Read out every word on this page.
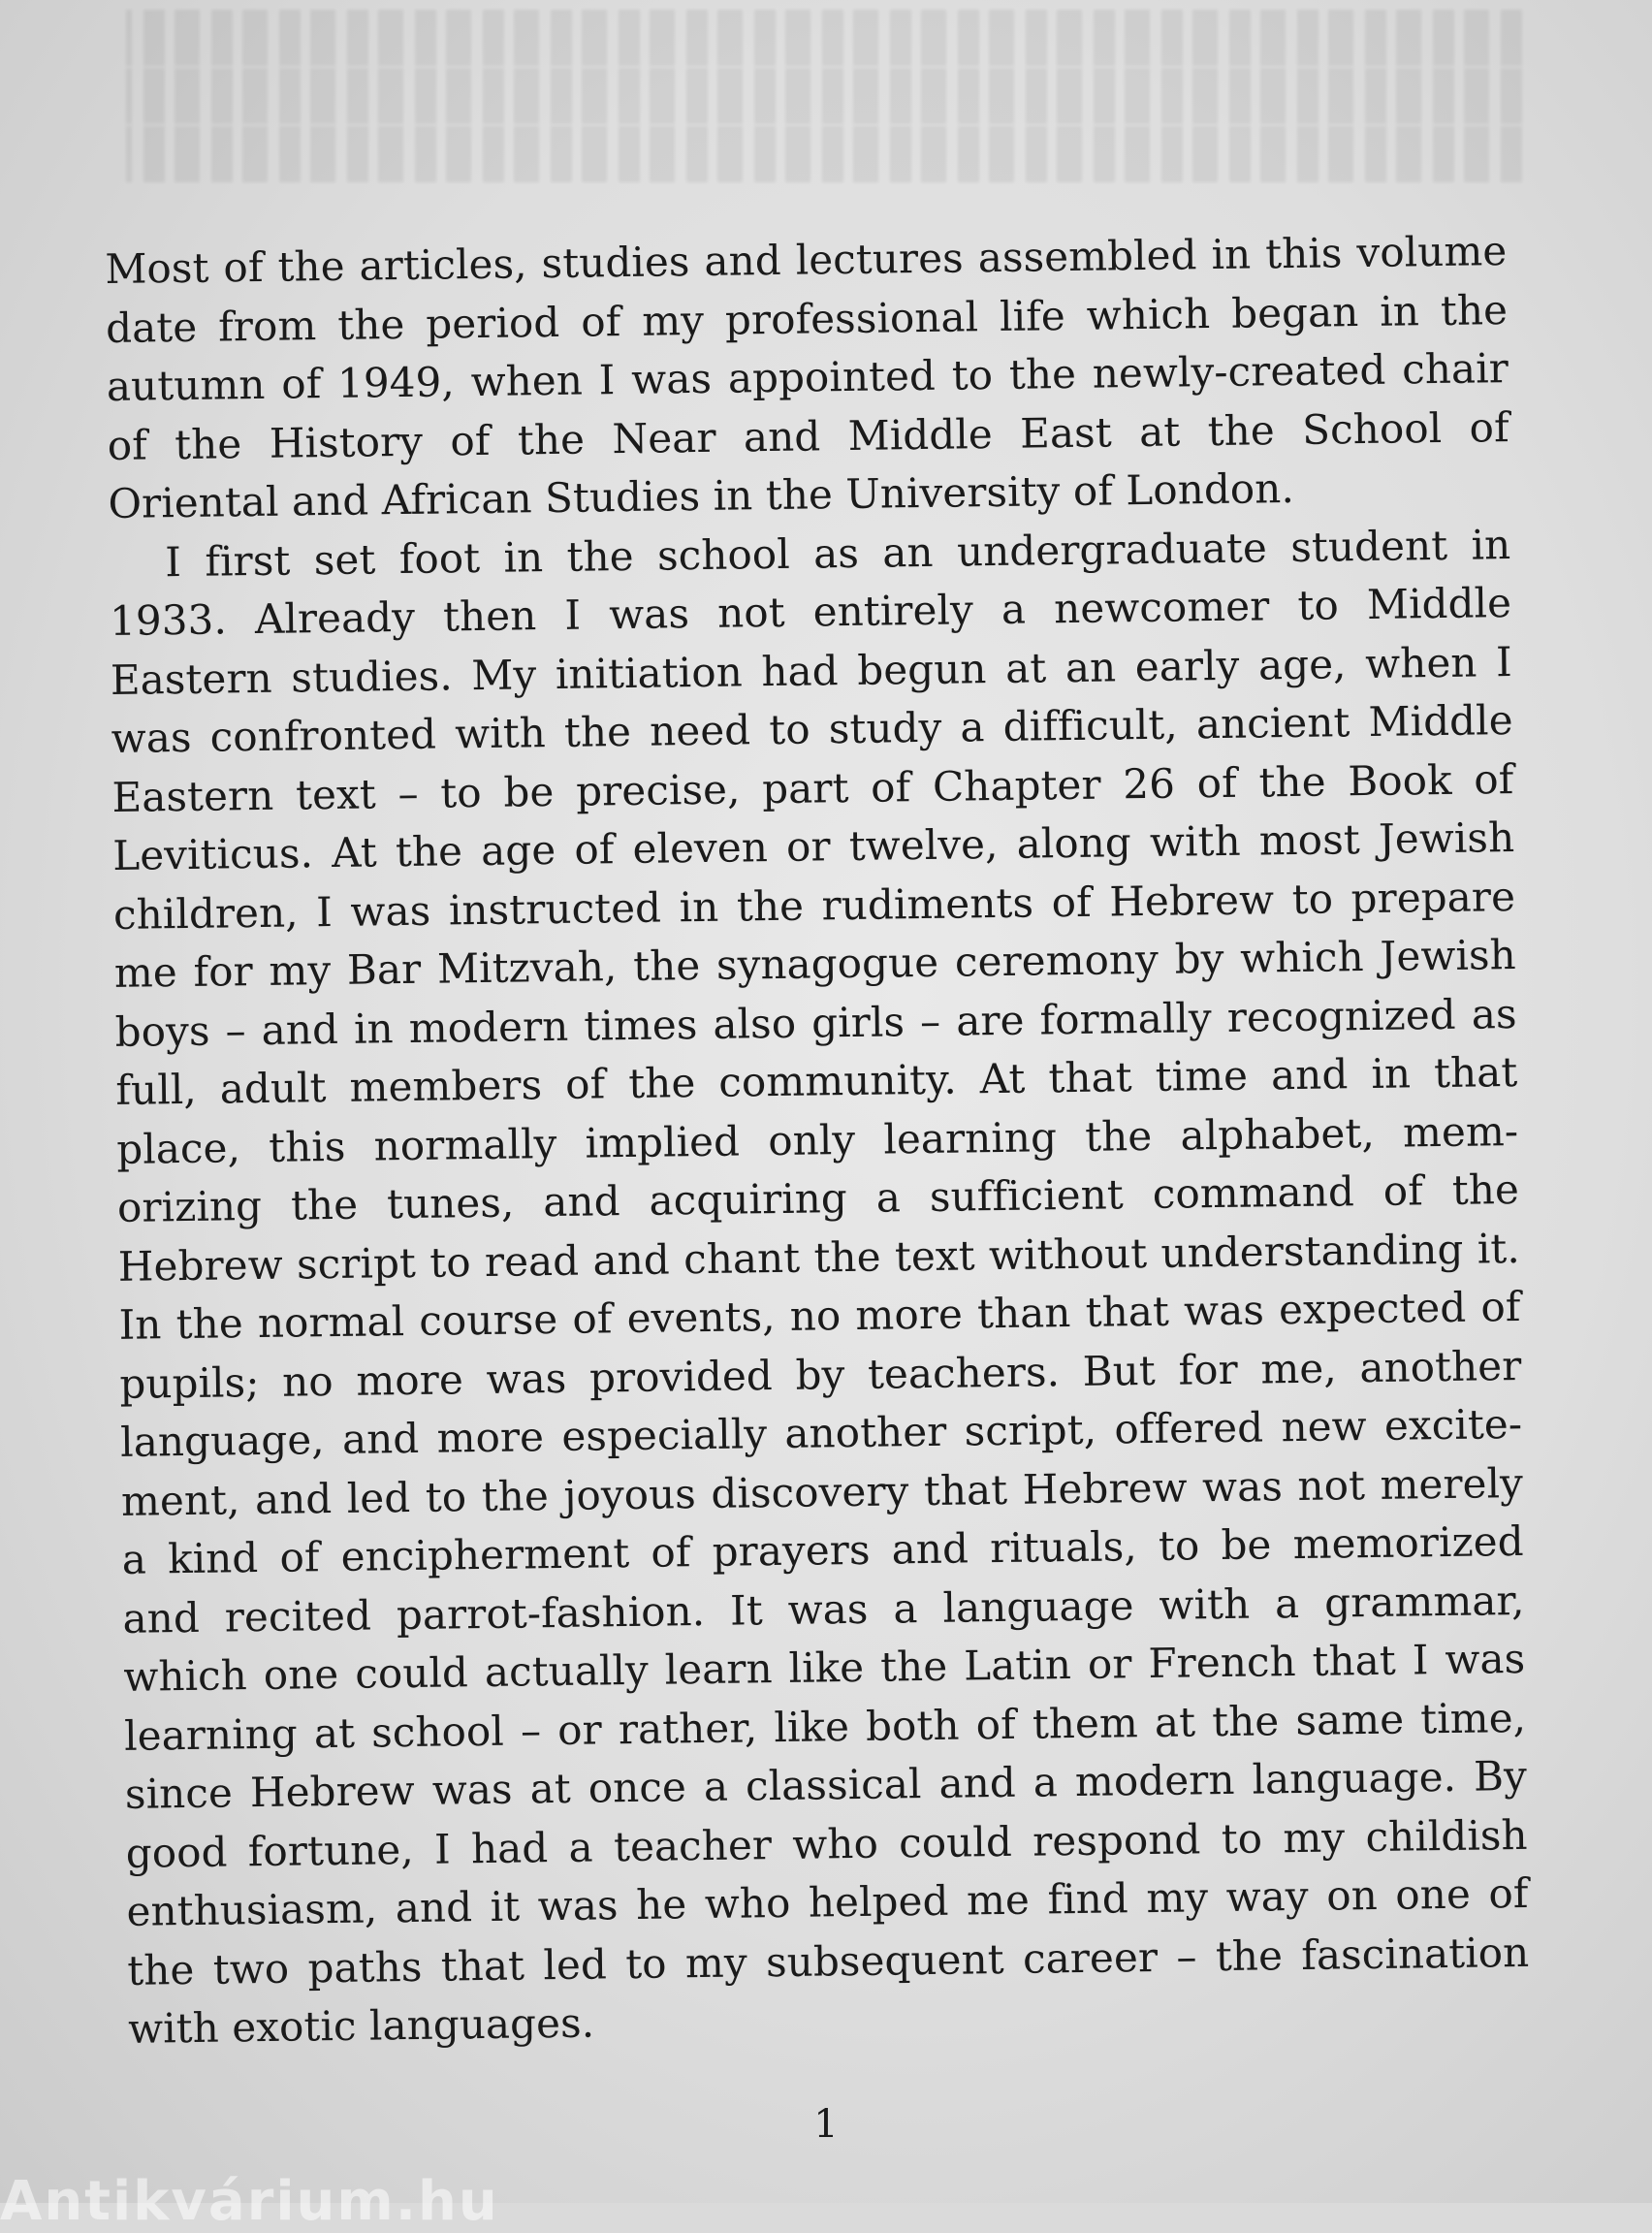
Most of the articles, studies and lectures assembled in this volume date from the period of my professional life which began in the autumn of 1949, when I was appointed to the newly-created chair of the History of the Near and Middle East at the School of Oriental and African Studies in the University of London.

I first set foot in the school as an undergraduate student in 1933. Already then I was not entirely a newcomer to Middle Eastern studies. My initiation had begun at an early age, when I was confronted with the need to study a difficult, ancient Middle Eastern text – to be precise, part of Chapter 26 of the Book of Leviticus. At the age of eleven or twelve, along with most Jewish children, I was instructed in the rudiments of Hebrew to prepare me for my Bar Mitzvah, the synagogue ceremony by which Jewish boys – and in modern times also girls – are formally recognized as full, adult members of the community. At that time and in that place, this normally implied only learning the alphabet, mem-orizing the tunes, and acquiring a sufficient command of the Hebrew script to read and chant the text without understanding it. In the normal course of events, no more than that was expected of pupils; no more was provided by teachers. But for me, another language, and more especially another script, offered new excite-ment, and led to the joyous discovery that Hebrew was not merely a kind of encipherment of prayers and rituals, to be memorized and recited parrot-fashion. It was a language with a grammar, which one could actually learn like the Latin or French that I was learning at school – or rather, like both of them at the same time, since Hebrew was at once a classical and a modern language. By good fortune, I had a teacher who could respond to my childish enthusiasm, and it was he who helped me find my way on one of the two paths that led to my subsequent career – the fascination with exotic languages.

1
Antikvárium.hu
